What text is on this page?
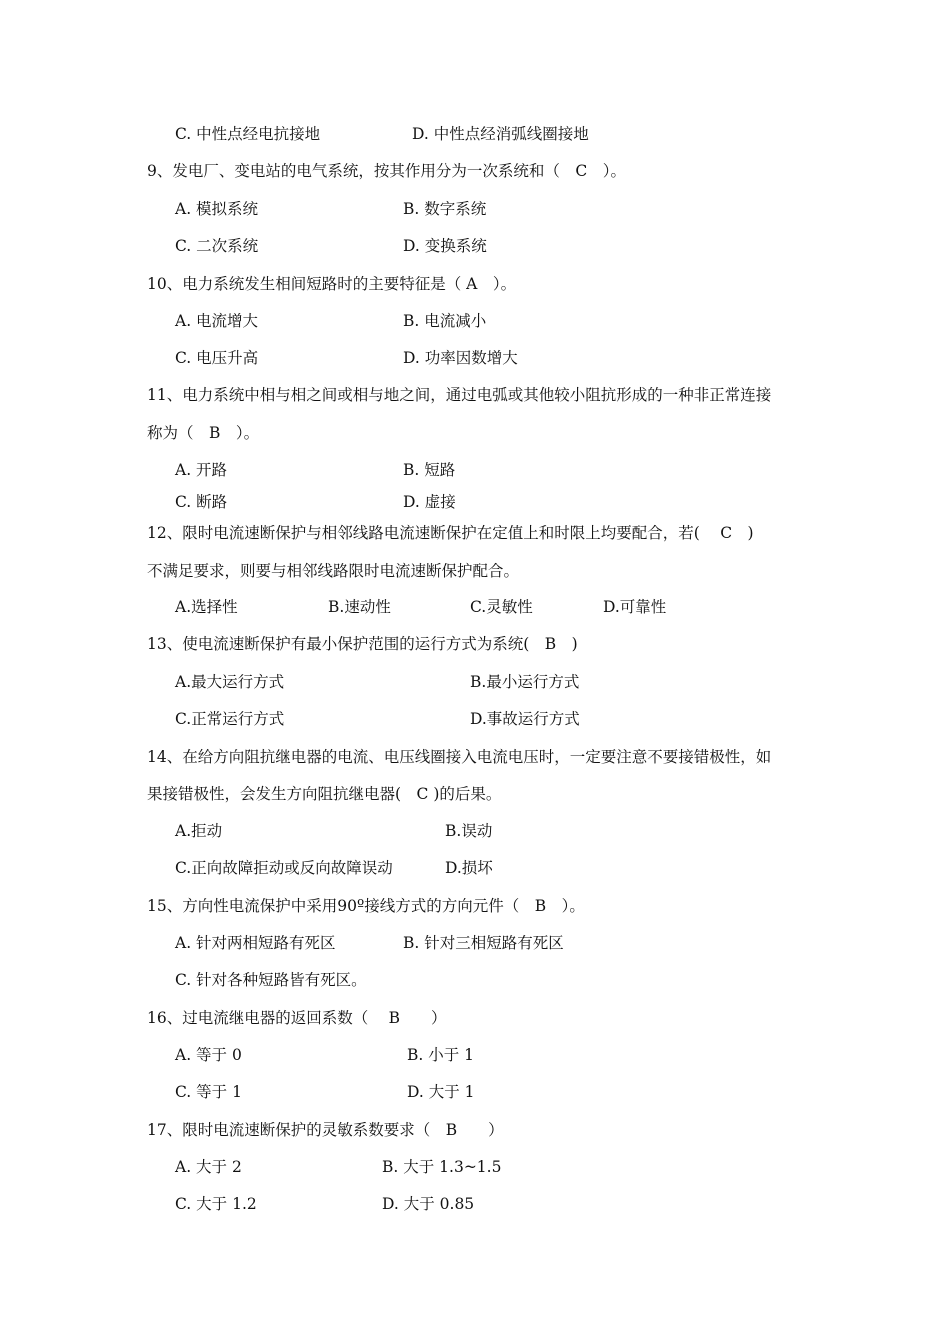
C. 中性点经电抗接地	D. 中性点经消弧线圈接地
9、发电厂、变电站的电气系统，按其作用分为一次系统和（　C　）。
A. 模拟系统	B. 数字系统
C. 二次系统	D. 变换系统
10、电力系统发生相间短路时的主要特征是（ A　）。
A. 电流增大	B. 电流减小
C. 电压升高	D. 功率因数增大
11、电力系统中相与相之间或相与地之间，通过电弧或其他较小阻抗形成的一种非正常连接
称为（　B　）。
A. 开路	B. 短路
C. 断路	D. 虚接
12、限时电流速断保护与相邻线路电流速断保护在定值上和时限上均要配合，若(　 C　)
不满足要求，则要与相邻线路限时电流速断保护配合。
A.选择性	B.速动性	C.灵敏性	D.可靠性
13、使电流速断保护有最小保护范围的运行方式为系统(　B　)
A.最大运行方式	B.最小运行方式
C.正常运行方式	D.事故运行方式
14、在给方向阻抗继电器的电流、电压线圈接入电流电压时，一定要注意不要接错极性，如
果接错极性，会发生方向阻抗继电器(　C )的后果。
A.拒动	B.误动
C.正向故障拒动或反向故障误动	D.损坏
15、方向性电流保护中采用90º接线方式的方向元件（　B　）。
A. 针对两相短路有死区	B. 针对三相短路有死区
C. 针对各种短路皆有死区。
16、过电流继电器的返回系数（　 B　　）
A. 等于 0	B. 小于 1
C. 等于 1	D. 大于 1
17、限时电流速断保护的灵敏系数要求（　B　　）
A. 大于 2	B. 大于 1.3~1.5
C. 大于 1.2	D. 大于 0.85
